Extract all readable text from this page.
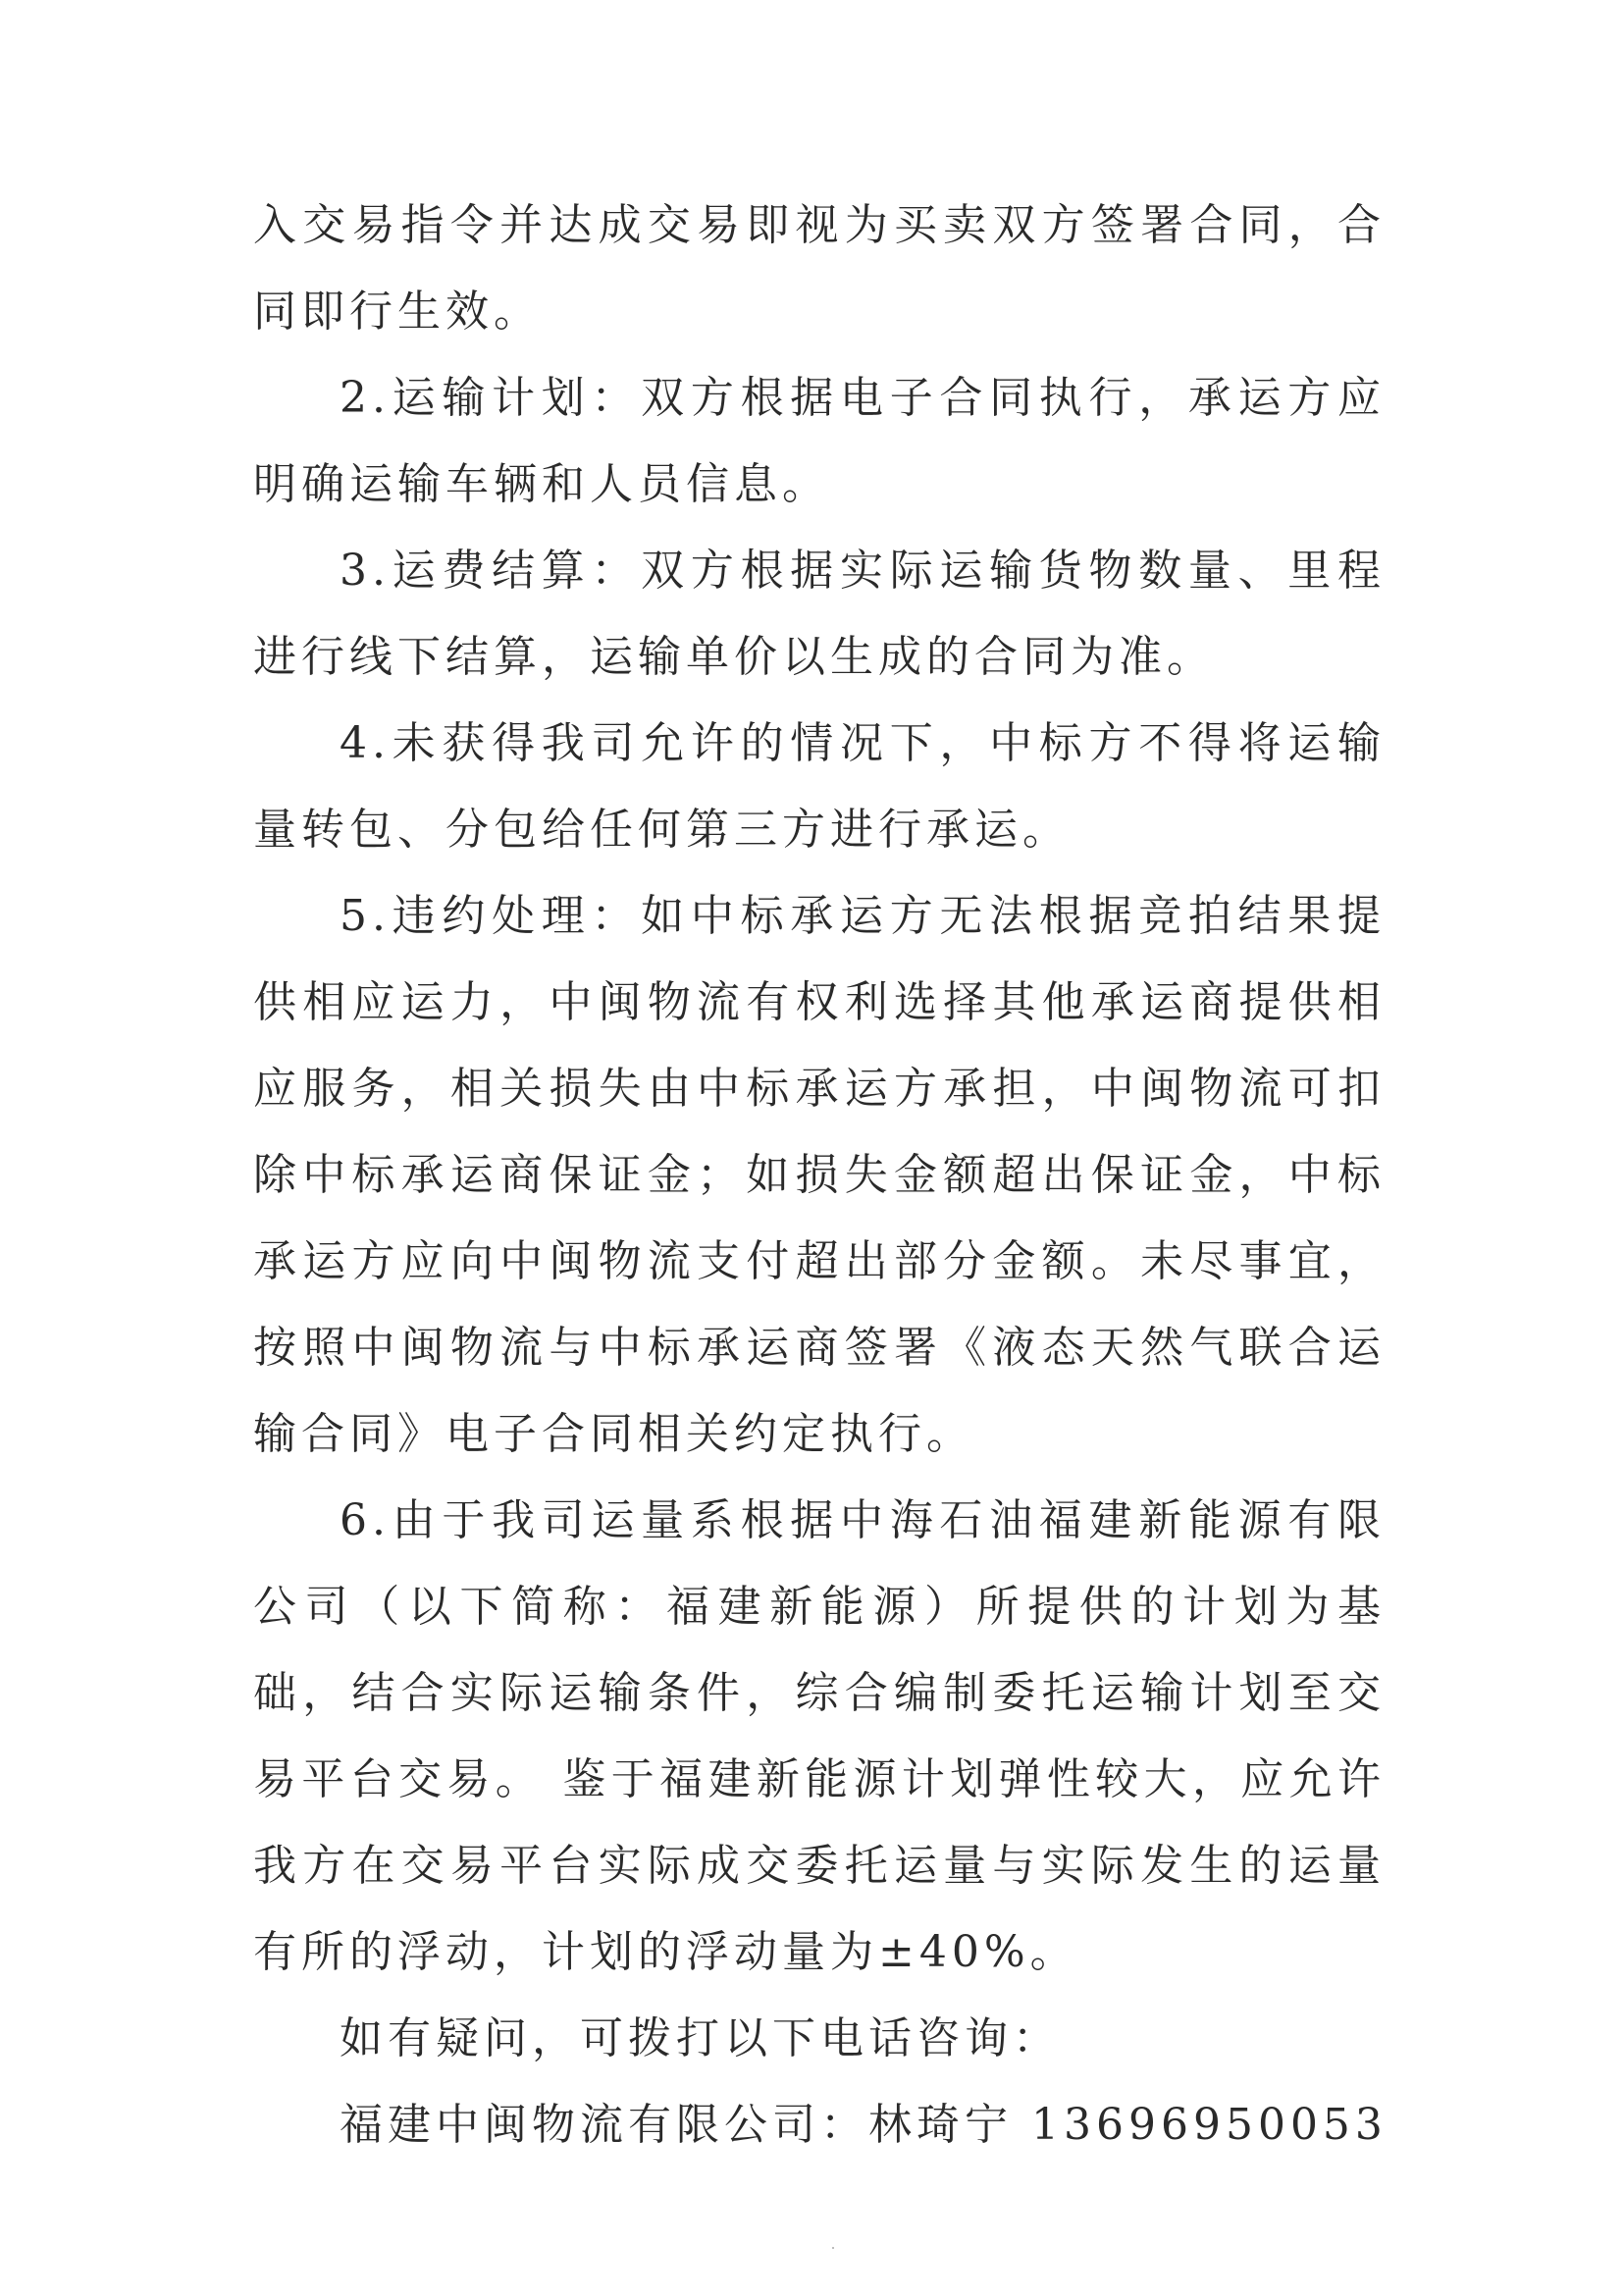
入交易指令并达成交易即视为买卖双方签署合同，合同即行生效。

2.运输计划：双方根据电子合同执行，承运方应明确运输车辆和人员信息。

3.运费结算：双方根据实际运输货物数量、里程进行线下结算，运输单价以生成的合同为准。

4.未获得我司允许的情况下，中标方不得将运输量转包、分包给任何第三方进行承运。

5.违约处理：如中标承运方无法根据竞拍结果提供相应运力，中闽物流有权利选择其他承运商提供相应服务，相关损失由中标承运方承担，中闽物流可扣除中标承运商保证金；如损失金额超出保证金，中标承运方应向中闽物流支付超出部分金额。未尽事宜，按照中闽物流与中标承运商签署《液态天然气联合运输合同》电子合同相关约定执行。

6.由于我司运量系根据中海石油福建新能源有限公司（以下简称：福建新能源）所提供的计划为基础，结合实际运输条件，综合编制委托运输计划至交易平台交易。 鉴于福建新能源计划弹性较大，应允许我方在交易平台实际成交委托运量与实际发生的运量有所的浮动，计划的浮动量为±40%。

如有疑问，可拨打以下电话咨询：

福建中闽物流有限公司：林琦宁 13696950053
